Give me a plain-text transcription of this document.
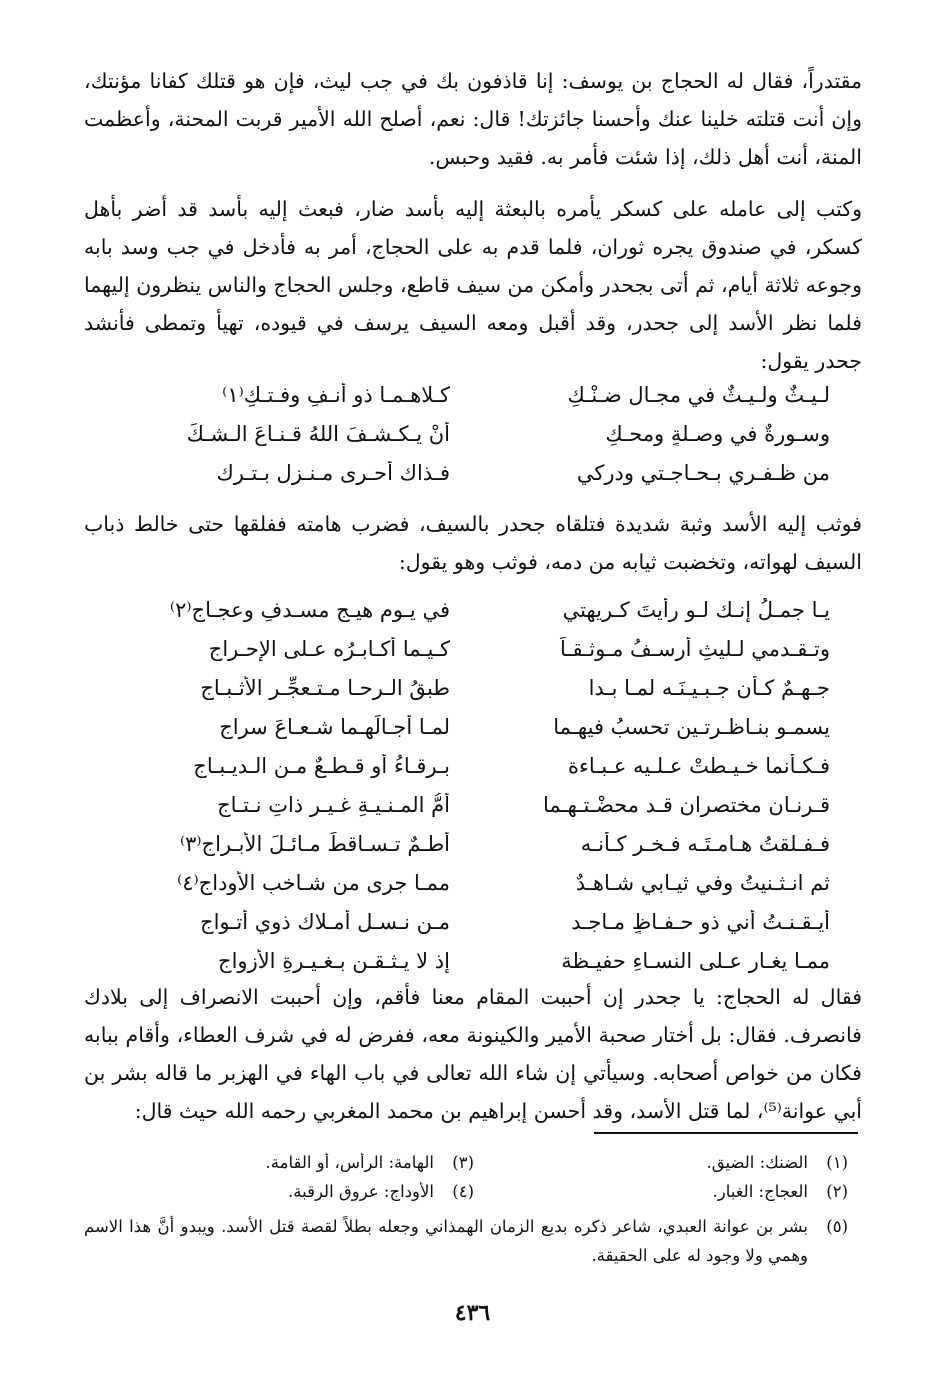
مقتدراً، فقال له الحجاج بن يوسف: إنا قاذفون بك في جب ليث، فإن هو قتلك كفانا مؤنتك، وإن أنت قتلته خلينا عنك وأحسنا جائزتك! قال: نعم، أصلح الله الأمير قربت المحنة، وأعظمت المنة، أنت أهل ذلك، إذا شئت فأمر به. فقيد وحبس.
وكتب إلى عامله على كسكر يأمره بالبعثة إليه بأسد ضار، فبعث إليه بأسد قد أضر بأهل كسكر، في صندوق يجره ثوران، فلما قدم به على الحجاج، أمر به فأدخل في جب وسد بابه وجوعه ثلاثة أيام، ثم أتى بجحدر وأمكن من سيف قاطع، وجلس الحجاج والناس ينظرون إليهما فلما نظر الأسد إلى جحدر، وقد أقبل ومعه السيف يرسف في قيوده، تهيأ وتمطى فأنشد جحدر يقول:
لـيـثٌ ولـيـثٌ في مجـالٍ ضـنْـكِ
كـلاهـمـا ذو أنـفٍ وفـتـكِ⁽١⁾
وسـورةٌ في وصـلةٍ ومحـكِ
أنْ يـكـشـفَ اللهُ قـنـاعَ الـشـكِّ
من ظـفـري بـحـاجـتي ودركي
فـذاك أحـرى مـنـزل بـتـرك
فوثب إليه الأسد وثبة شديدة فتلقاه جحدر بالسيف، فضرب هامته ففلقها حتى خالط ذباب السيف لهواته، وتخضبت ثيابه من دمه، فوثب وهو يقول:
يـا جمـلُ إنـك لـو رأيتَ كـريهتي
في يـومِ هيـجٍ مسـدفٍ وعجـاجِ⁽٢⁾
وتـقـدمي لـليثِ أرسـفُ مـوثـقـاً
كـيـما أكـابـرُه عـلى الإحـراجِ
جـهـمٌ كـأن جـبـيـنَـه لمـا بـدا
طبقُ الـرحـا مـتـعجِّـر الأثـبـاجِ
يسمـو بنـاظـرتـين تحسبُ فيهـما
لمـا أجـالَهـما شـعـاعَ سراجِ
فـكـأنما خـيـطتْ عـلـيه عـبـاءة
بـرقـاءُ أو قـطـعٌ مـن الـديـبـاجِ
قـرنـان مختصران قـد محضْـتـهـما
أمُّ المـنـيـةِ غـيـرِ ذاتِ نـتـاجِ
فـفـلقتُ هـامـتَـه فـخـر كـأنـه
أطـمٌ تـسـاقطَ مـائـلَ الأبـراجِ⁽٣⁾
ثم انـثـنيتُ وفي ثيـابي شـاهـدٌ
ممـا جرى من شـاخبِ الأوداجِ⁽٤⁾
أيـقـنـتُ أني ذو حـفـاظٍ مـاجـد
مـن نـسـل أمـلاك ذوي أتـواج
ممـا يغـار عـلى النسـاءِ حفيـظة
إذ لا يـثـقـن بـغـيـرةِ الأزواجِ
فقال له الحجاج: يا جحدر إن أحببت المقام معنا فأقم، وإن أحببت الانصراف إلى بلادك فانصرف. فقال: بل أختار صحبة الأمير والكينونة معه، ففرض له في شرف العطاء، وأقام ببابه فكان من خواص أصحابه. وسيأتي إن شاء الله تعالى في باب الهاء في الهزبر ما قاله بشر بن أبي عوانة⁽⁵⁾، لما قتل الأسد، وقد أحسن إبراهيم بن محمد المغربي رحمه الله حيث قال:
(١)
الضنك: الضيق.
(٣)
الهامة: الرأس، أو القامة.
(٢)
العجاج: الغبار.
(٤)
الأوداج: عروق الرقبة.
(٥)
بشر بن عوانة العبدي، شاعر ذكره بديع الزمان الهمذاني وجعله بطلاً لقصة قتل الأسد. ويبدو أنَّ هذا الاسم وهمي ولا وجود له على الحقيقة.
٤٣٦
